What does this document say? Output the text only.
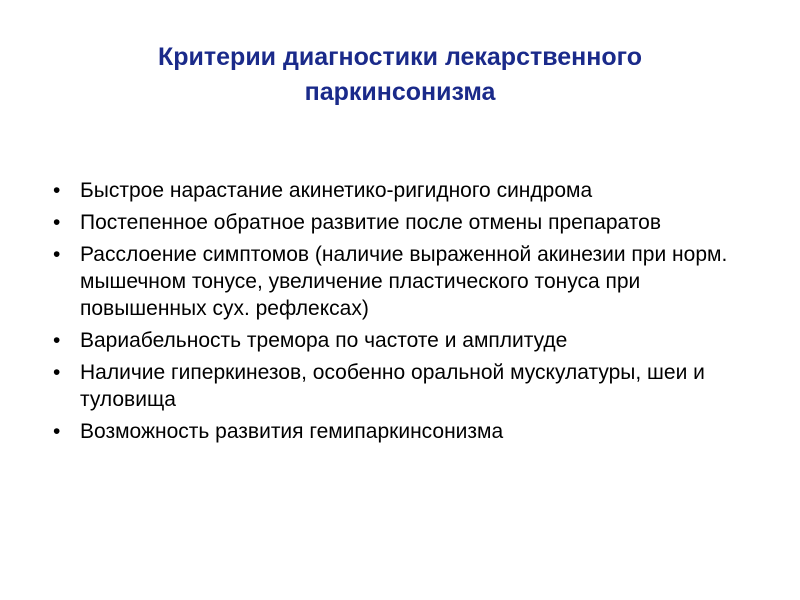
Критерии диагностики лекарственного
паркинсонизма
• Быстрое нарастание акинетико-ригидного синдрома
• Постепенное обратное развитие после отмены препаратов
• Расслоение симптомов (наличие выраженной акинезии при норм. мышечном тонусе, увеличение пластического тонуса при повышенных сух. рефлексах)
• Вариабельность тремора по частоте и амплитуде
• Наличие гиперкинезов, особенно оральной мускулатуры, шеи и туловища
• Возможность развития гемипаркинсонизма
